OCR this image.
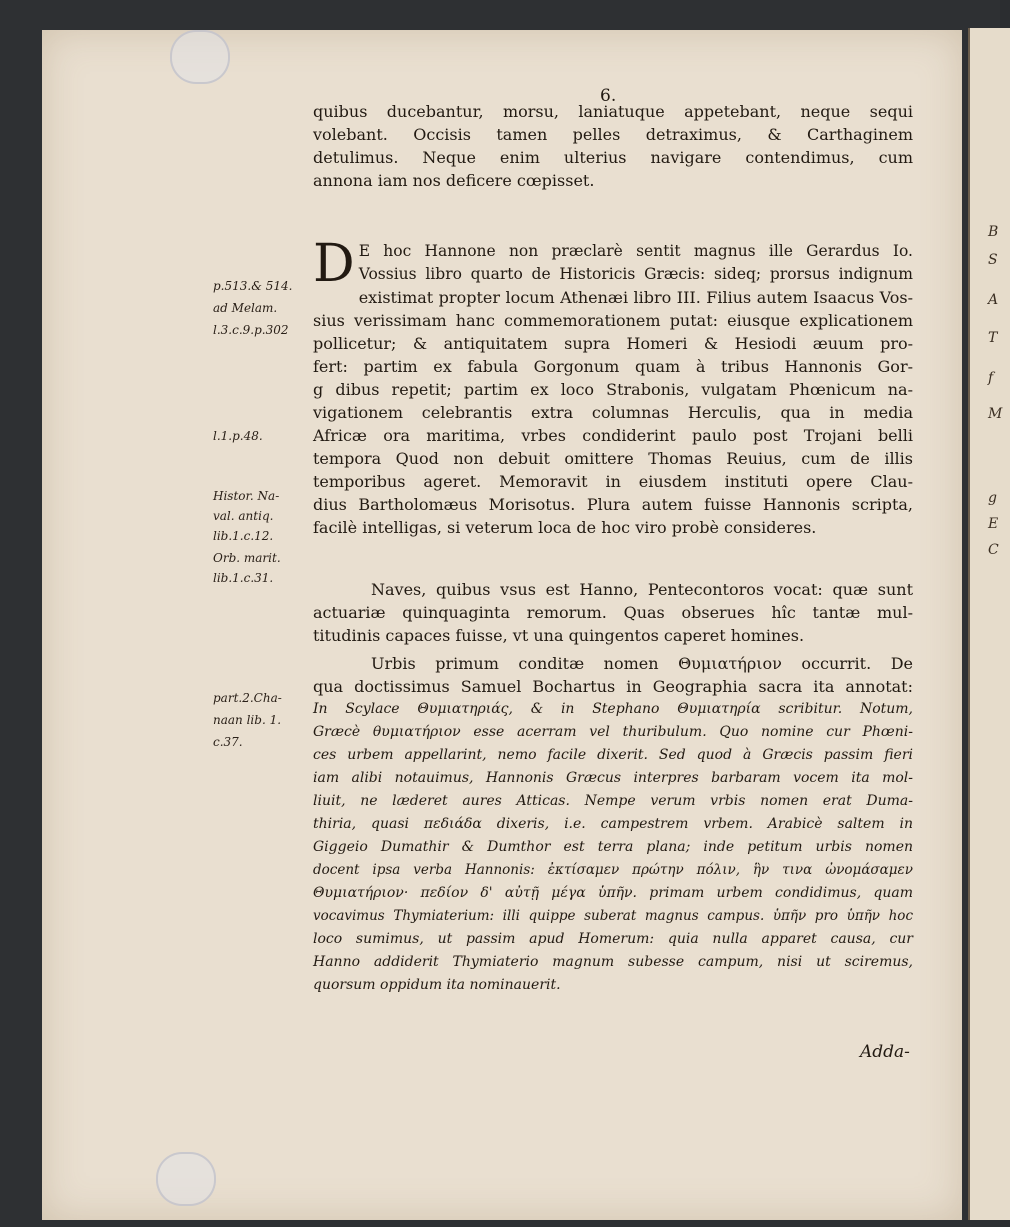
B
S
A
T
f
M
g
E
C
6.
quibus ducebantur, morsu, laniatuque appetebant, neque sequi
volebant. Occisis tamen pelles detraximus, & Carthaginem
detulimus. Neque enim ulterius navigare contendimus, cum
annona iam nos deficere cœpisset.
D E hoc Hannone non præclarè sentit magnus ille Gerardus Io.
Vossius libro quarto de Historicis Græcis: sideq; prorsus indignum
existimat propter locum Athenæi libro III. Filius autem Isaacus Vos-
sius verissimam hanc commemorationem putat: eiusque explicationem
pollicetur; & antiquitatem supra Homeri & Hesiodi æuum pro-
fert: partim ex fabula Gorgonum quam à tribus Hannonis Gor-
g dibus repetit; partim ex loco Strabonis, vulgatam Phœnicum na-
vigationem celebrantis extra columnas Herculis, qua in media
Africæ ora maritima, vrbes condiderint paulo post Trojani belli
tempora Quod non debuit omittere Thomas Reuius, cum de illis
temporibus ageret. Memoravit in eiusdem instituti opere Clau-
dius Bartholomæus Morisotus. Plura autem fuisse Hannonis scripta,
facilè intelligas, si veterum loca de hoc viro probè consideres.
Naves, quibus vsus est Hanno, Pentecontoros vocat: quæ sunt
actuariæ quinquaginta remorum. Quas obserues hîc tantæ mul-
titudinis capaces fuisse, vt una quingentos caperet homines.
Urbis primum conditæ nomen Θυμιατήριον occurrit. De
qua doctissimus Samuel Bochartus in Geographia sacra ita annotat:
In Scylace Θυμιατηριάς, & in Stephano Θυμιατηρία scribitur. Notum,
Græcè θυμιατήριον esse acerram vel thuribulum. Quo nomine cur Phœni-
ces urbem appellarint, nemo facile dixerit. Sed quod à Græcis passim fieri
iam alibi notauimus, Hannonis Græcus interpres barbaram vocem ita mol-
liuit, ne læderet aures Atticas. Nempe verum vrbis nomen erat Duma-
thiria, quasi πεδιάδα dixeris, i.e. campestrem vrbem. Arabicè saltem in
Giggeio Dumathir & Dumthor est terra plana; inde petitum urbis nomen
docent ipsa verba Hannonis: ἐκτίσαμεν πρώτην πόλιν, ἣν τινα ὠνομάσαμεν
Θυμιατήριον· πεδίον δ' αὐτῇ μέγα ὑπῆν. primam urbem condidimus, quam
vocavimus Thymiaterium: illi quippe suberat magnus campus. ὑπῆν pro ὑπῆν hoc
loco sumimus, ut passim apud Homerum: quia nulla apparet causa, cur
Hanno addiderit Thymiaterio magnum subesse campum, nisi ut sciremus,
quorsum oppidum ita nominauerit.
p.513.& 514.
ad Melam.
l.3.c.9.p.302
l.1.p.48.
Histor. Na-
val. antiq.
lib.1.c.12.
Orb. marit.
lib.1.c.31.
part.2.Cha-
naan lib. 1.
c.37.
Adda-
